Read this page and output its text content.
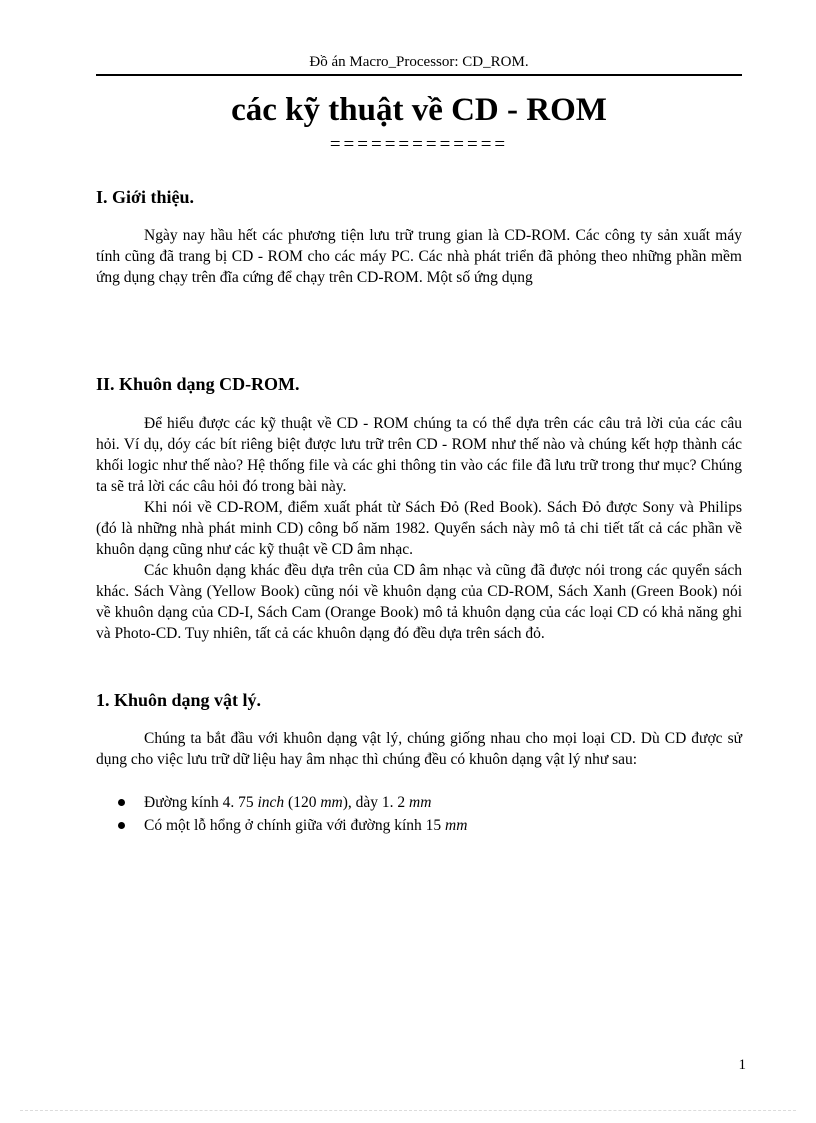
Đồ án Macro_Processor: CD_ROM.
các kỹ thuật về CD - ROM
=============
I. Giới thiệu.

Ngày nay hầu hết các phương tiện lưu trữ trung gian là CD-ROM. Các công ty sản xuất máy tính cũng đã trang bị CD - ROM cho các máy PC. Các nhà phát triển đã phỏng theo những phần mềm ứng dụng chạy trên đĩa cứng để chạy trên CD-ROM. Một số ứng dụng

II. Khuôn dạng CD-ROM.

Để hiểu được các kỹ thuật về CD - ROM chúng ta có thể dựa trên các câu trả lời của các câu hỏi. Ví dụ, dóy các bít riêng biệt được lưu trữ trên CD - ROM như thế nào và chúng kết hợp thành các khối logic như thế nào? Hệ thống file và các ghi thông tin vào các file đã lưu trữ trong thư mục? Chúng ta sẽ trả lời các câu hỏi đó trong bài này.

Khi nói về CD-ROM, điểm xuất phát từ Sách Đỏ (Red Book). Sách Đỏ được Sony và Philips (đó là những nhà phát minh CD) công bố năm 1982. Quyển sách này mô tả chi tiết tất cả các phần về khuôn dạng cũng như các kỹ thuật về CD âm nhạc.

Các khuôn dạng khác đều dựa trên của CD âm nhạc và cũng đã được nói trong các quyển sách khác. Sách Vàng (Yellow Book) cũng nói về khuôn dạng của CD-ROM, Sách Xanh (Green Book) nói về khuôn dạng của CD-I, Sách Cam (Orange Book) mô tả khuôn dạng của các loại CD có khả năng ghi và Photo-CD. Tuy nhiên, tất cả các khuôn dạng đó đều dựa trên sách đỏ.

1. Khuôn dạng vật lý.

Chúng ta bắt đầu với khuôn dạng vật lý, chúng giống nhau cho mọi loại CD. Dù CD được sử dụng cho việc lưu trữ dữ liệu hay âm nhạc thì chúng đều có khuôn dạng vật lý như sau:

Đường kính 4. 75 inch (120 mm), dày 1. 2 mm
Có một lỗ hổng ở chính giữa với đường kính 15 mm
1
